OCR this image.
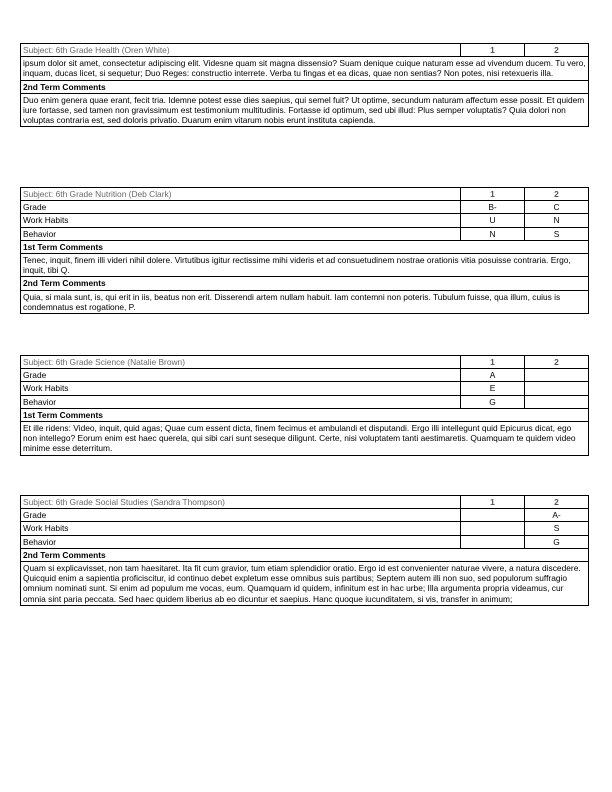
Subject: 6th Grade Health (Oren White)	1	2
ipsum dolor sit amet, consectetur adipiscing elit. Videsne quam sit magna dissensio? Suam denique cuique naturam esse ad vivendum ducem. Tu vero, inquam, ducas licet, si sequetur; Duo Reges: constructio interrete. Verba tu fingas et ea dicas, quae non sentias? Non potes, nisi retexueris illa.
2nd Term Comments
Duo enim genera quae erant, fecit tria. Idemne potest esse dies saepius, qui semel fuit? Ut optime, secundum naturam affectum esse possit. Et quidem iure fortasse, sed tamen non gravissimum est testimonium multitudinis. Fortasse id optimum, sed ubi illud: Plus semper voluptatis? Quia dolori non voluptas contraria est, sed doloris privatio. Duarum enim vitarum nobis erunt instituta capienda.
Subject: 6th Grade Nutrition (Deb Clark)	1	2
Grade	B-	C
Work Habits	U	N
Behavior	N	S
1st Term Comments		
Tenec, inquit, finem illi videri nihil dolere. Virtutibus igitur rectissime mihi videris et ad consuetudinem nostrae orationis vitia posuisse contraria. Ergo, inquit, tibi Q.		
2nd Term Comments		
Quia, si mala sunt, is, qui erit in iis, beatus non erit. Disserendi artem nullam habuit. Iam contemni non poteris. Tubulum fuisse, qua illum, cuius is condemnatus est rogatione, P.		
Subject: 6th Grade Science (Natalie Brown)	1	2
Grade	A	
Work Habits	E	
Behavior	G	
1st Term Comments		
Et ille ridens: Video, inquit, quid agas; Quae cum essent dicta, finem fecimus et ambulandi et disputandi. Ergo illi intellegunt quid Epicurus dicat, ego non intellego? Eorum enim est haec querela, qui sibi cari sunt seseque diligunt. Certe, nisi voluptatem tanti aestimaretis. Quamquam te quidem video minime esse deterritum.		
Subject: 6th Grade Social Studies (Sandra Thompson)	1	2
Grade		A-
Work Habits		S
Behavior		G
2nd Term Comments		
Quam si explicavisset, non tam haesitaret. Ita fit cum gravior, tum etiam splendidior oratio. Ergo id est convenienter naturae vivere, a natura discedere. Quicquid enim a sapientia proficiscitur, id continuo debet expletum esse omnibus suis partibus; Septem autem illi non suo, sed populorum suffragio omnium nominati sunt. Si enim ad populum me vocas, eum. Quamquam id quidem, infinitum est in hac urbe; Illa argumenta propria videamus, cur omnia sint paria peccata. Sed haec quidem liberius ab eo dicuntur et saepius. Hanc quoque iucunditatem, si vis, transfer in animum;		
